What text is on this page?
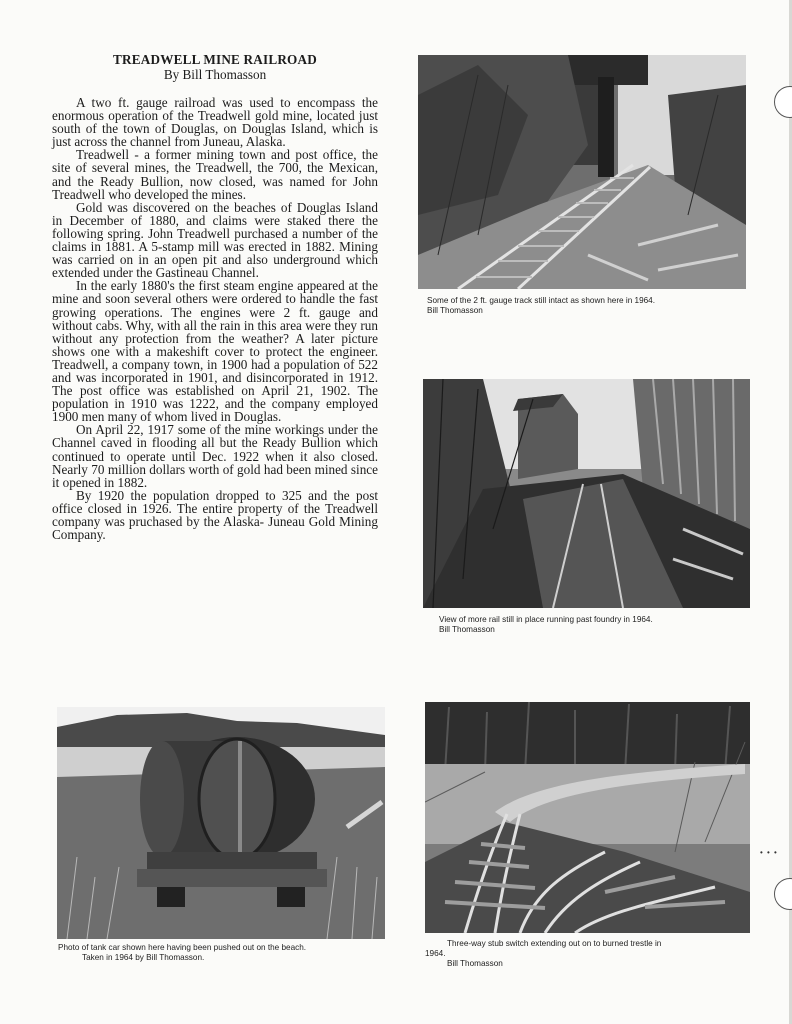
TREADWELL MINE RAILROAD
By Bill Thomasson

A two ft. gauge railroad was used to encompass the enormous operation of the Treadwell gold mine, located just south of the town of Douglas, on Douglas Island, which is just across the channel from Juneau, Alaska.

Treadwell - a former mining town and post office, the site of several mines, the Treadwell, the 700, the Mexican, and the Ready Bullion, now closed, was named for John Treadwell who developed the mines.

Gold was discovered on the beaches of Douglas Island in December of 1880, and claims were staked there the following spring. John Treadwell purchased a number of the claims in 1881. A 5-stamp mill was erected in 1882. Mining was carried on in an open pit and also underground which extended under the Gastineau Channel.

In the early 1880's the first steam engine appeared at the mine and soon several others were ordered to handle the fast growing operations. The engines were 2 ft. gauge and without cabs. Why, with all the rain in this area were they run without any protection from the weather? A later picture shows one with a makeshift cover to protect the engineer. Treadwell, a company town, in 1900 had a population of 522 and was incorporated in 1901, and disincorporated in 1912. The post office was established on April 21, 1902. The population in 1910 was 1222, and the company employed 1900 men many of whom lived in Douglas.

On April 22, 1917 some of the mine workings under the Channel caved in flooding all but the Ready Bullion which continued to operate until Dec. 1922 when it also closed. Nearly 70 million dollars worth of gold had been mined since it opened in 1882.

By 1920 the population dropped to 325 and the post office closed in 1926. The entire property of the Treadwell company was pruchased by the Alaska- Juneau Gold Mining Company.

Some of the 2 ft. gauge track still intact as shown here in 1964.
Bill Thomasson
View of more rail still in place running past foundry in 1964.
Bill Thomasson
Photo of tank car shown here having been pushed out on the beach.
Taken in 1964 by Bill Thomasson.
Three-way stub switch extending out on to burned trestle in
1964.
Bill Thomasson
• • •
